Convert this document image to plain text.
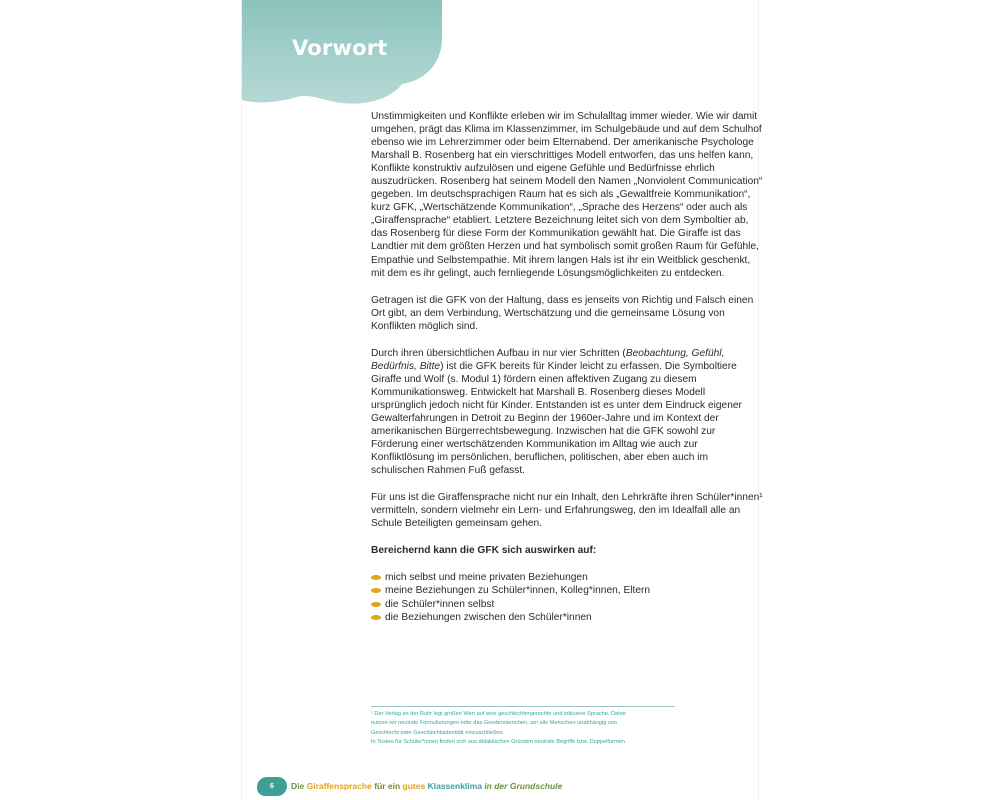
Vorwort

Unstimmigkeiten und Konflikte erleben wir im Schulalltag immer wieder. Wie wir damit umgehen, prägt das Klima im Klassenzimmer, im Schulgebäude und auf dem Schulhof ebenso wie im Lehrerzimmer oder beim Elternabend. Der amerikanische Psychologe Marshall B. Rosenberg hat ein vierschrittiges Modell entworfen, das uns helfen kann, Konflikte konstruktiv aufzulösen und eigene Gefühle und Bedürfnisse ehrlich auszudrücken. Rosenberg hat seinem Modell den Namen „Nonviolent Communication“ gegeben. Im deutschsprachigen Raum hat es sich als „Gewaltfreie Kommunikation“, kurz GFK, „Wertschätzende Kommunikation“, „Sprache des Herzens“ oder auch als „Giraffensprache“ etabliert. Letztere Bezeichnung leitet sich von dem Symboltier ab, das Rosenberg für diese Form der Kommunikation gewählt hat. Die Giraffe ist das Landtier mit dem größten Herzen und hat symbolisch somit großen Raum für Gefühle, Empathie und Selbstempathie. Mit ihrem langen Hals ist ihr ein Weitblick geschenkt, mit dem es ihr gelingt, auch fernliegende Lösungsmöglichkeiten zu entdecken.

Getragen ist die GFK von der Haltung, dass es jenseits von Richtig und Falsch einen Ort gibt, an dem Verbindung, Wertschätzung und die gemeinsame Lösung von Konflikten möglich sind.

Durch ihren übersichtlichen Aufbau in nur vier Schritten (Beobachtung, Gefühl, Bedürfnis, Bitte) ist die GFK bereits für Kinder leicht zu erfassen. Die Symboltiere Giraffe und Wolf (s. Modul 1) fördern einen affektiven Zugang zu diesem Kommunikationsweg. Entwickelt hat Marshall B. Rosenberg dieses Modell ursprünglich jedoch nicht für Kinder. Entstanden ist es unter dem Eindruck eigener Gewalterfahrungen in Detroit zu Beginn der 1960er-Jahre und im Kontext der amerikanischen Bürgerrechtsbewegung. Inzwischen hat die GFK sowohl zur Förderung einer wertschätzenden Kommunikation im Alltag wie auch zur Konfliktlösung im persönlichen, beruflichen, politischen, aber eben auch im schulischen Rahmen Fuß gefasst.

Für uns ist die Giraffensprache nicht nur ein Inhalt, den Lehrkräfte ihren Schüler*innen¹ vermitteln, sondern vielmehr ein Lern- und Erfahrungsweg, den im Idealfall alle an Schule Beteiligten gemeinsam gehen.

Bereichernd kann die GFK sich auswirken auf:

mich selbst und meine privaten Beziehungen
meine Beziehungen zu Schüler*innen, Kolleg*innen, Eltern
die Schüler*innen selbst
die Beziehungen zwischen den Schüler*innen

¹ Der Verlag an der Ruhr legt großen Wert auf eine geschlechtergerechte und inklusive Sprache. Daher

nutzen wir neutrale Formulierungen oder das Gendersternchen, um alle Menschen unabhängig von

Geschlecht oder Geschlechtsidentität einzuschließen.

In Texten für Schüler*innen finden sich aus didaktischen Gründen neutrale Begriffe bzw. Doppelformen.

6	Die Giraffensprache für ein gutes Klassenklima in der Grundschule
